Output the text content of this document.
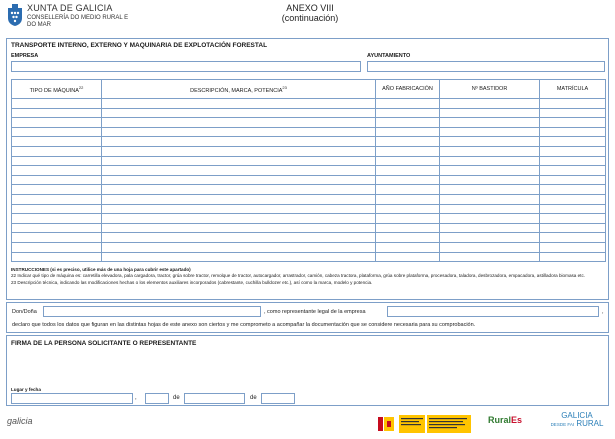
XUNTA DE GALICIA
CONSELLERÍA DO MEDIO RURAL E DO MAR
ANEXO VIII
(continuación)
TRANSPORTE INTERNO, EXTERNO Y MAQUINARIA DE EXPLOTACIÓN FORESTAL
EMPRESA	AYUNTAMIENTO
TIPO DE MÁQUINA$^{22}$	DESCRIPCIÓN, MARCA, POTENCIA$^{23}$	AÑO FABRICACIÓN	Nº BASTIDOR	MATRÍCULA

INSTRUCCIONES (si es preciso, utilice más de una hoja para cubrir este apartado)
22 Indicar qué tipo de máquina es: carretilla elevadora, pala cargadora, tractor, grúa sobre tractor, remolque de tractor, autocargador, arrastrador, camión, cabeza tractora, plataforma, grúa sobre plataforma, procesadora, taladora, desbrozadora, empacadora, astilladora biomasa etc.
23 Descripción técnica, indicando las modificaciones hechas o los elementos auxiliares incorporados (cabrestante, cuchilla bulldozer etc.), así como la marca, modelo y potencia.
Don/Doña	, como representante legal de la empresa	,
declaro que todos los datos que figuran en las distintas hojas de este anexo son ciertos y me comprometo a acompañar la documentación que se considere necesaria para su comprobación.
FIRMA DE LA PERSONA SOLICITANTE O REPRESENTANTE
Lugar y fecha
,	de	de
galicia	RuralEs	GALICIA
DESDE FAI RURAL
